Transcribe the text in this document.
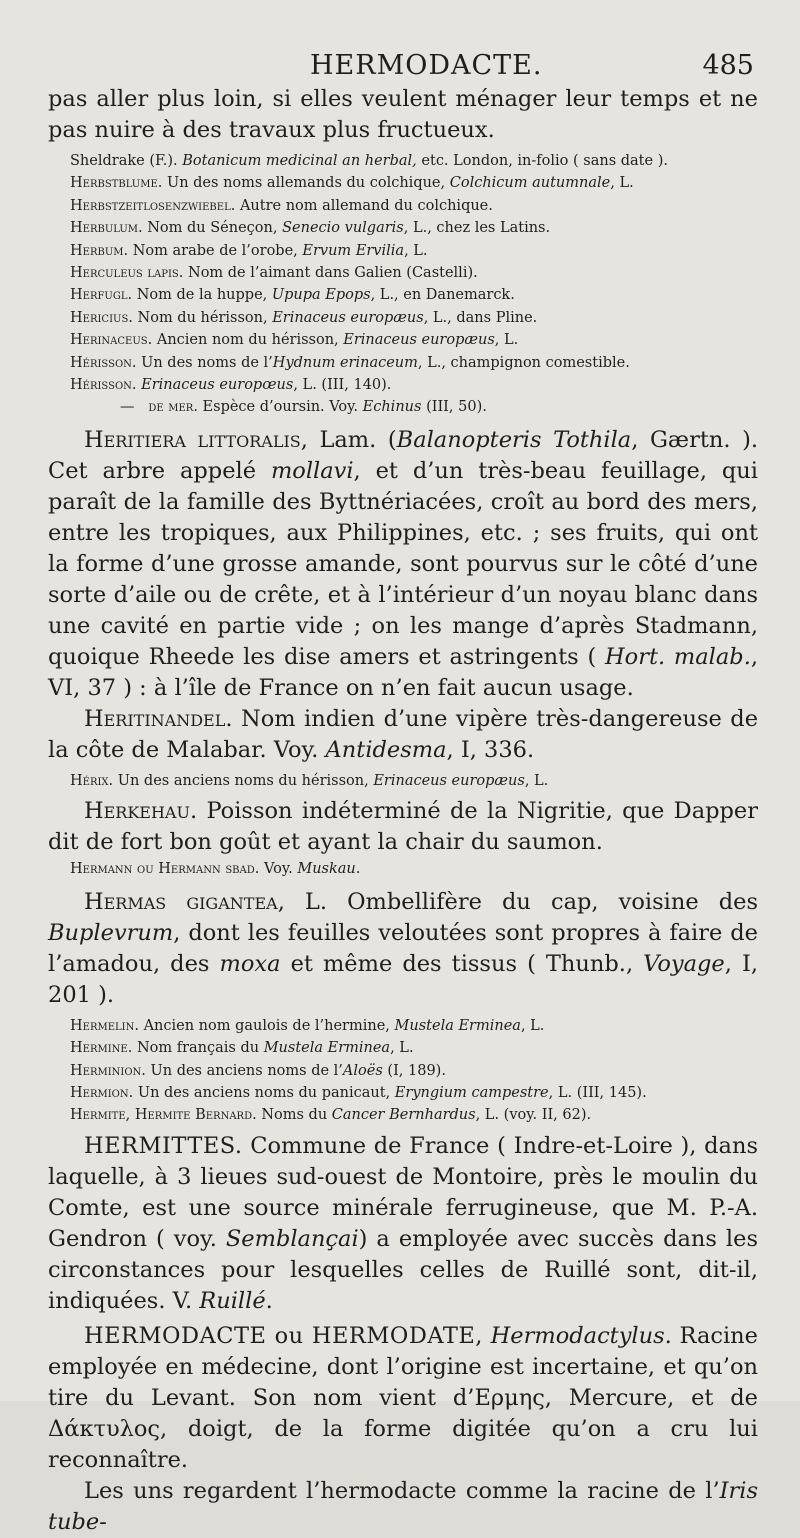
HERMODACTE.	485

pas aller plus loin, si elles veulent ménager leur temps et ne pas nuire à des travaux plus fructueux.

Sheldrake (F.). Botanicum medicinal an herbal, etc. London, in-folio ( sans date ).

Herbstblume. Un des noms allemands du colchique, Colchicum autumnale, L.

Herbstzeitlosenzwiebel. Autre nom allemand du colchique.

Herbulum. Nom du Séneçon, Senecio vulgaris, L., chez les Latins.

Herbum. Nom arabe de l’orobe, Ervum Ervilia, L.

Herculeus lapis. Nom de l’aimant dans Galien (Castelli).

Herfugl. Nom de la huppe, Upupa Epops, L., en Danemarck.

Hericius. Nom du hérisson, Erinaceus europæus, L., dans Pline.

Herinaceus. Ancien nom du hérisson, Erinaceus europæus, L.

Hérisson. Un des noms de l’Hydnum erinaceum, L., champignon comestible.

Hérisson. Erinaceus europœus, L. (III, 140).

— de mer. Espèce d’oursin. Voy. Echinus (III, 50).

Heritiera littoralis, Lam. (Balanopteris Tothila, Gærtn. ). Cet arbre appelé mollavi, et d’un très-beau feuillage, qui paraît de la famille des Byttnériacées, croît au bord des mers, entre les tropiques, aux Philippines, etc. ; ses fruits, qui ont la forme d’une grosse amande, sont pourvus sur le côté d’une sorte d’aile ou de crête, et à l’intérieur d’un noyau blanc dans une cavité en partie vide ; on les mange d’après Stadmann, quoique Rheede les dise amers et astringents ( Hort. malab., VI, 37 ) : à l’île de France on n’en fait aucun usage.

Heritinandel. Nom indien d’une vipère très-dangereuse de la côte de Malabar. Voy. Antidesma, I, 336.

Hérix. Un des anciens noms du hérisson, Erinaceus europæus, L.

Herkehau. Poisson indéterminé de la Nigritie, que Dapper dit de fort bon goût et ayant la chair du saumon.

Hermann ou Hermann sbad. Voy. Muskau.

Hermas gigantea, L. Ombellifère du cap, voisine des Buplevrum, dont les feuilles veloutées sont propres à faire de l’amadou, des moxa et même des tissus ( Thunb., Voyage, I, 201 ).

Hermelin. Ancien nom gaulois de l’hermine, Mustela Erminea, L.

Hermine. Nom français du Mustela Erminea, L.

Herminion. Un des anciens noms de l’Aloës (I, 189).

Hermion. Un des anciens noms du panicaut, Eryngium campestre, L. (III, 145).

Hermite, Hermite Bernard. Noms du Cancer Bernhardus, L. (voy. II, 62).

HERMITTES. Commune de France ( Indre-et-Loire ), dans laquelle, à 3 lieues sud-ouest de Montoire, près le moulin du Comte, est une source minérale ferrugineuse, que M. P.-A. Gendron ( voy. Semblançai) a employée avec succès dans les circonstances pour lesquelles celles de Ruillé sont, dit-il, indiquées. V. Ruillé.

HERMODACTE ou HERMODATE, Hermodactylus. Racine employée en médecine, dont l’origine est incertaine, et qu’on tire du Levant. Son nom vient d’Ερμης, Mercure, et de Δάκτυλος, doigt, de la forme digitée qu’on a cru lui reconnaître.

Les uns regardent l’hermodacte comme la racine de l’Iris tube-
